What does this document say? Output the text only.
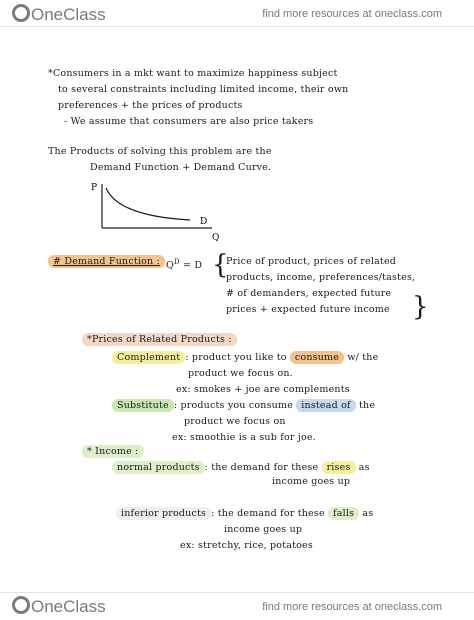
OneClass	find more resources at oneclass.com
*Consumers in a mkt want to maximize happiness subject
to several constraints including limited income, their own
preferences + the prices of products
- We assume that consumers are also price takers
The Products of solving this problem are the
Demand Function + Demand Curve.
P
D
Q
# Demand Function : $Q^D = D$ {
Price of product, prices of related
products, income, preferences/tastes,
# of demanders, expected future
prices + expected future income }
*Prices of Related Products :
Complement : product you like to consume w/ the
product we focus on.
ex: smokes + joe are complements
Substitute : products you consume instead of the
product we focus on
ex: smoothie is a sub for joe.
* Income :
normal products : the demand for these rises as
income goes up
inferior products : the demand for these falls as
income goes up
ex: stretchy, rice, potatoes
OneClass	find more resources at oneclass.com
